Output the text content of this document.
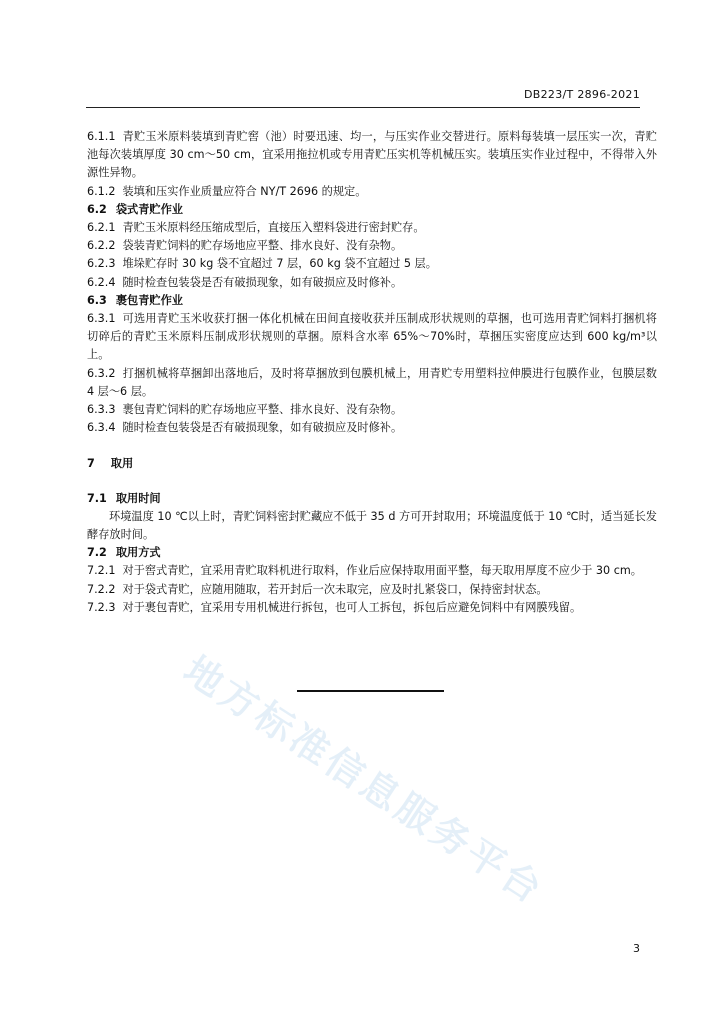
DB223/T 2896-2021

6.1.1 青贮玉米原料装填到青贮窖（池）时要迅速、均一，与压实作业交替进行。原料每装填一层压实一次，青贮池每次装填厚度 30 cm～50 cm，宜采用拖拉机或专用青贮压实机等机械压实。装填压实作业过程中，不得带入外源性异物。

6.1.2 装填和压实作业质量应符合 NY/T 2696 的规定。

6.2 袋式青贮作业

6.2.1 青贮玉米原料经压缩成型后，直接压入塑料袋进行密封贮存。

6.2.2 袋装青贮饲料的贮存场地应平整、排水良好、没有杂物。

6.2.3 堆垛贮存时 30 kg 袋不宜超过 7 层，60 kg 袋不宜超过 5 层。

6.2.4 随时检查包装袋是否有破损现象，如有破损应及时修补。

6.3 裹包青贮作业

6.3.1 可选用青贮玉米收获打捆一体化机械在田间直接收获并压制成形状规则的草捆，也可选用青贮饲料打捆机将切碎后的青贮玉米原料压制成形状规则的草捆。原料含水率 65%～70%时，草捆压实密度应达到 600 kg/m³以上。

6.3.2 打捆机械将草捆卸出落地后，及时将草捆放到包膜机械上，用青贮专用塑料拉伸膜进行包膜作业，包膜层数 4 层～6 层。

6.3.3 裹包青贮饲料的贮存场地应平整、排水良好、没有杂物。

6.3.4 随时检查包装袋是否有破损现象，如有破损应及时修补。

7 取用

7.1 取用时间

环境温度 10 ℃以上时，青贮饲料密封贮藏应不低于 35 d 方可开封取用；环境温度低于 10 ℃时，适当延长发酵存放时间。

7.2 取用方式

7.2.1 对于窖式青贮，宜采用青贮取料机进行取料，作业后应保持取用面平整，每天取用厚度不应少于 30 cm。

7.2.2 对于袋式青贮，应随用随取，若开封后一次未取完，应及时扎紧袋口，保持密封状态。

7.2.3 对于裹包青贮，宜采用专用机械进行拆包，也可人工拆包，拆包后应避免饲料中有网膜残留。

地方标准信息服务平台
3
